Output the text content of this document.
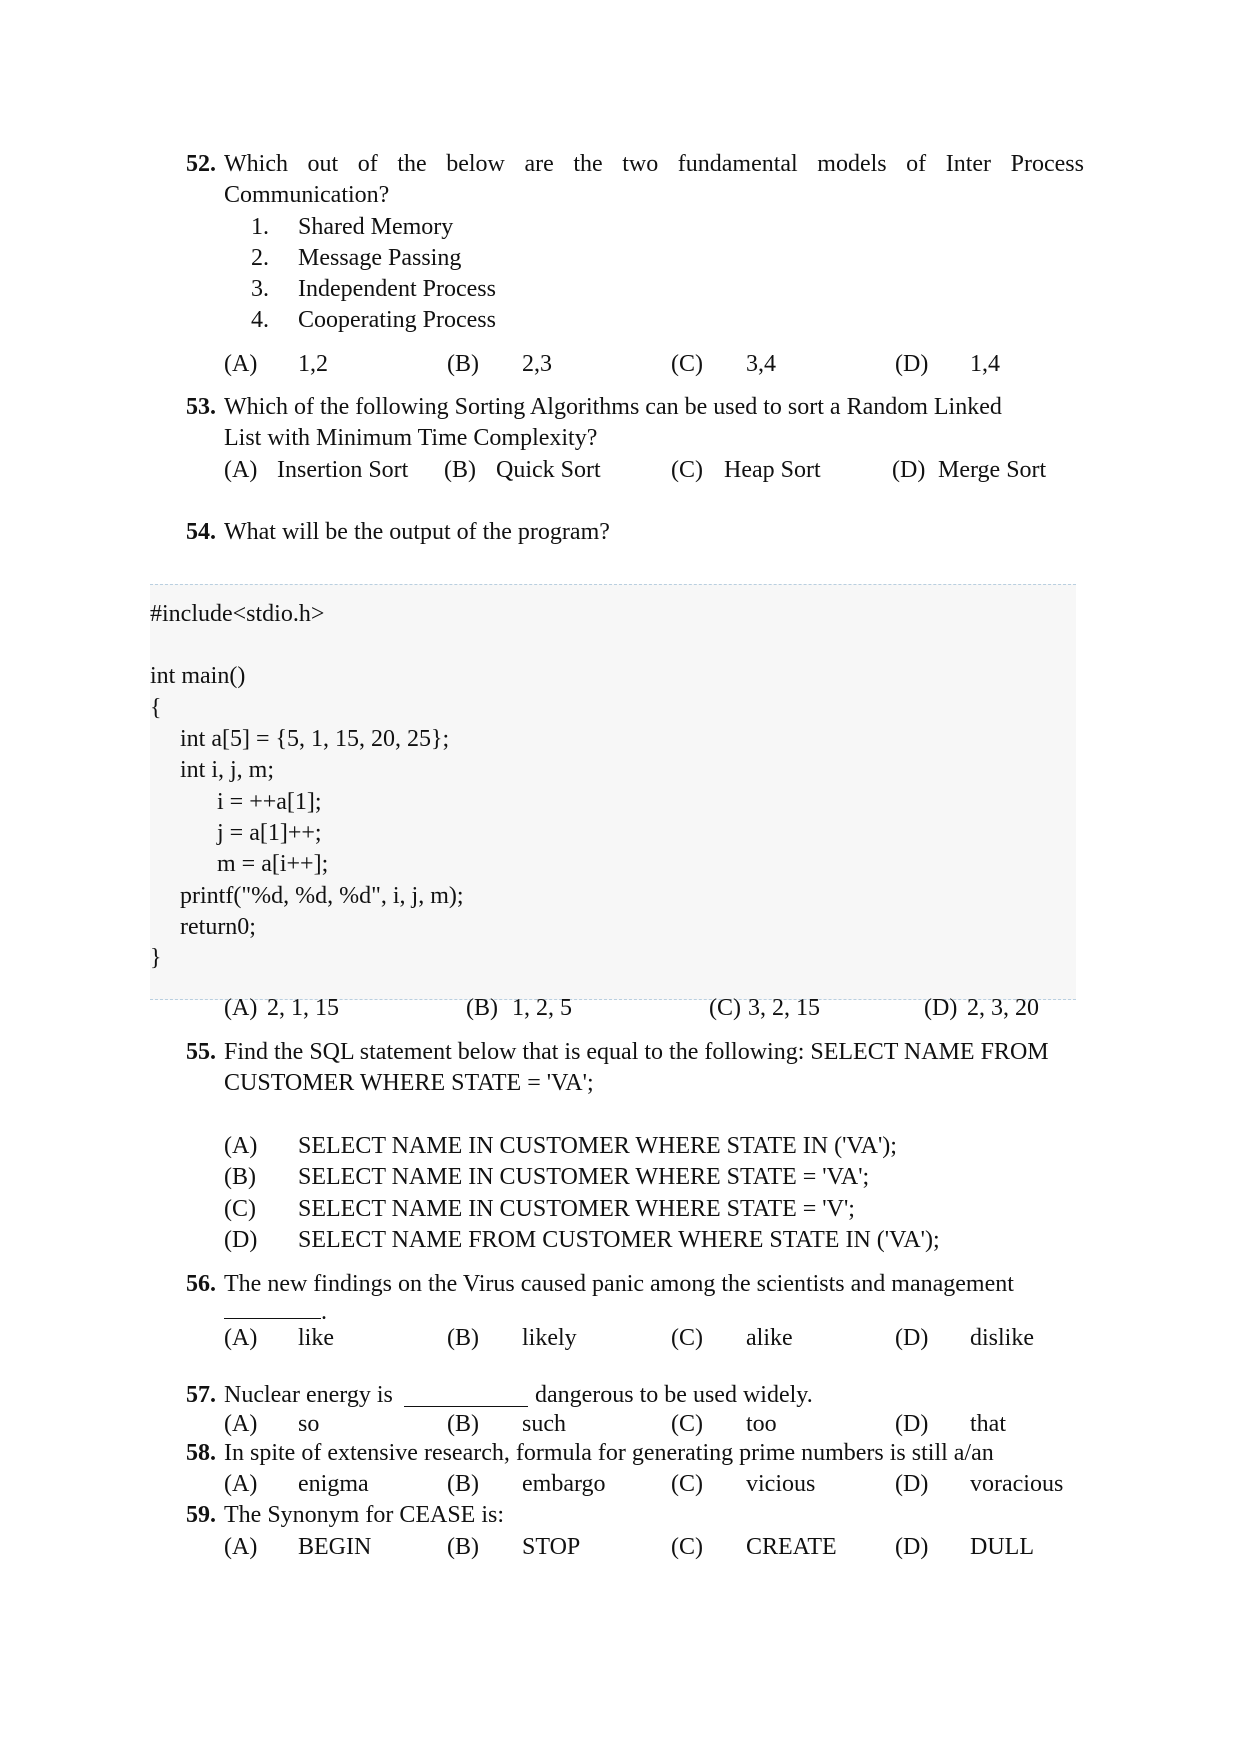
52. Which out of the below are the two fundamental models of Inter Process
Communication?
1. Shared Memory
2. Message Passing
3. Independent Process
4. Cooperating Process
(A) 1,2	(B) 2,3	(C) 3,4	(D) 1,4
53. Which of the following Sorting Algorithms can be used to sort a Random Linked
List with Minimum Time Complexity?
(A) Insertion Sort (B) Quick Sort	(C) Heap Sort	(D) Merge Sort
54. What will be the output of the program?
#include<stdio.h>
int main()
{
int a[5] = {5, 1, 15, 20, 25};
int i, j, m;
i = ++a[1];
j = a[1]++;
m = a[i++];
printf("%d, %d, %d", i, j, m);
return0;
}
(A) 2, 1, 15	(B) 1, 2, 5	(C) 3, 2, 15	(D) 2, 3, 20
55. Find the SQL statement below that is equal to the following: SELECT NAME FROM
CUSTOMER WHERE STATE = 'VA';
(A) SELECT NAME IN CUSTOMER WHERE STATE IN ('VA');
(B) SELECT NAME IN CUSTOMER WHERE STATE = 'VA';
(C) SELECT NAME IN CUSTOMER WHERE STATE = 'V';
(D) SELECT NAME FROM CUSTOMER WHERE STATE IN ('VA');
56. The new findings on the Virus caused panic among the scientists and management
.
(A) like	(B) likely	(C) alike	(D) dislike
57. Nuclear energy is	dangerous to be used widely.
(A) so	(B) such	(C) too	(D) that
58. In spite of extensive research, formula for generating prime numbers is still a/an
(A) enigma	(B) embargo	(C) vicious	(D) voracious
59. The Synonym for CEASE is:
(A) BEGIN	(B) STOP	(C) CREATE (D) DULL
